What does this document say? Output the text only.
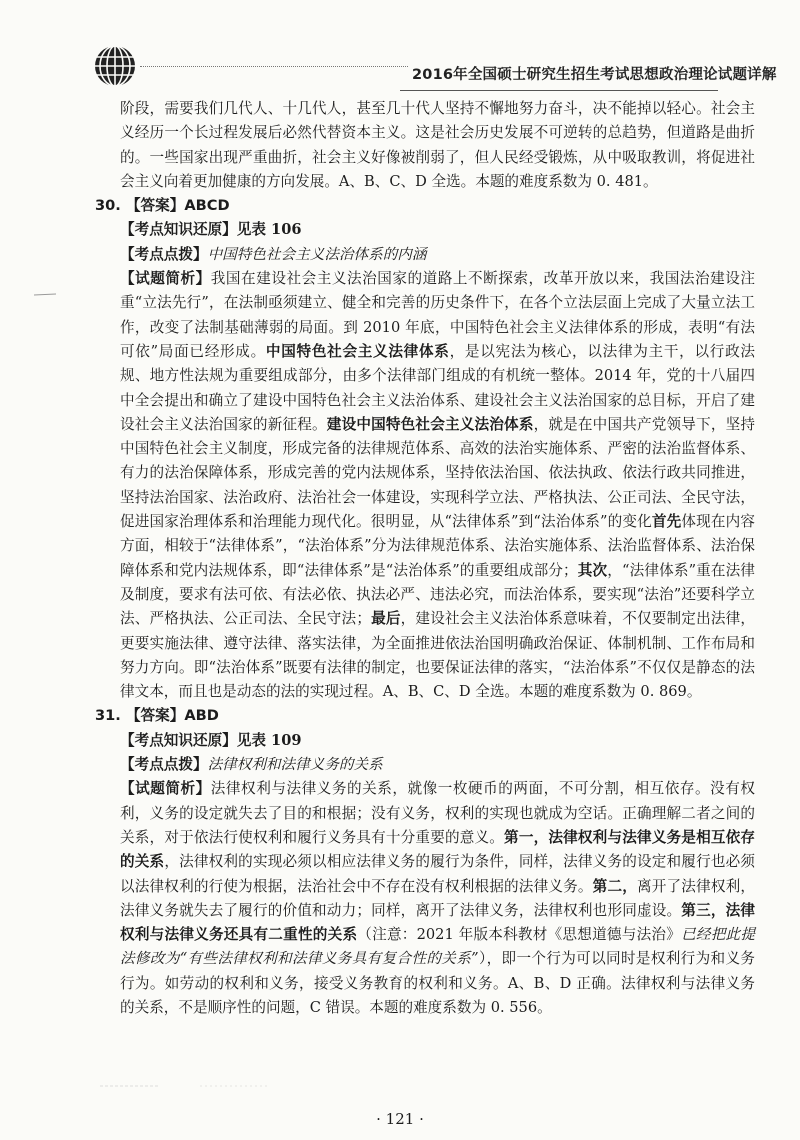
2016年全国硕士研究生招生考试思想政治理论试题详解

阶段，需要我们几代人、十几代人，甚至几十代人坚持不懈地努力奋斗，决不能掉以轻心。社会主义经历一个长过程发展后必然代替资本主义。这是社会历史发展不可逆转的总趋势，但道路是曲折的。一些国家出现严重曲折，社会主义好像被削弱了，但人民经受锻炼，从中吸取教训，将促进社会主义向着更加健康的方向发展。A、B、C、D 全选。本题的难度系数为 0. 481。

30. 【答案】ABCD

【考点知识还原】见表 106

【考点点拨】中国特色社会主义法治体系的内涵

【试题简析】我国在建设社会主义法治国家的道路上不断探索，改革开放以来，我国法治建设注重“立法先行”，在法制亟须建立、健全和完善的历史条件下，在各个立法层面上完成了大量立法工作，改变了法制基础薄弱的局面。到 2010 年底，中国特色社会主义法律体系的形成，表明“有法可依”局面已经形成。中国特色社会主义法律体系，是以宪法为核心，以法律为主干，以行政法规、地方性法规为重要组成部分，由多个法律部门组成的有机统一整体。2014 年，党的十八届四中全会提出和确立了建设中国特色社会主义法治体系、建设社会主义法治国家的总目标，开启了建设社会主义法治国家的新征程。建设中国特色社会主义法治体系，就是在中国共产党领导下，坚持中国特色社会主义制度，形成完备的法律规范体系、高效的法治实施体系、严密的法治监督体系、有力的法治保障体系，形成完善的党内法规体系，坚持依法治国、依法执政、依法行政共同推进，坚持法治国家、法治政府、法治社会一体建设，实现科学立法、严格执法、公正司法、全民守法，促进国家治理体系和治理能力现代化。很明显，从“法律体系”到“法治体系”的变化首先体现在内容方面，相较于“法律体系”，“法治体系”分为法律规范体系、法治实施体系、法治监督体系、法治保障体系和党内法规体系，即“法律体系”是“法治体系”的重要组成部分；其次，“法律体系”重在法律及制度，要求有法可依、有法必依、执法必严、违法必究，而法治体系，要实现“法治”还要科学立法、严格执法、公正司法、全民守法；最后，建设社会主义法治体系意味着，不仅要制定出法律，更要实施法律、遵守法律、落实法律，为全面推进依法治国明确政治保证、体制机制、工作布局和努力方向。即“法治体系”既要有法律的制定，也要保证法律的落实，“法治体系”不仅仅是静态的法律文本，而且也是动态的法的实现过程。A、B、C、D 全选。本题的难度系数为 0. 869。

31. 【答案】ABD

【考点知识还原】见表 109

【考点点拨】法律权利和法律义务的关系

【试题简析】法律权利与法律义务的关系，就像一枚硬币的两面，不可分割，相互依存。没有权利，义务的设定就失去了目的和根据；没有义务，权利的实现也就成为空话。正确理解二者之间的关系，对于依法行使权利和履行义务具有十分重要的意义。第一，法律权利与法律义务是相互依存的关系，法律权利的实现必须以相应法律义务的履行为条件，同样，法律义务的设定和履行也必须以法律权利的行使为根据，法治社会中不存在没有权利根据的法律义务。第二，离开了法律权利，法律义务就失去了履行的价值和动力；同样，离开了法律义务，法律权利也形同虚设。第三，法律权利与法律义务还具有二重性的关系（注意：2021 年版本科教材《思想道德与法治》已经把此提法修改为“有些法律权利和法律义务具有复合性的关系”），即一个行为可以同时是权利行为和义务行为。如劳动的权利和义务，接受义务教育的权利和义务。A、B、D 正确。法律权利与法律义务的关系，不是顺序性的问题，C 错误。本题的难度系数为 0. 556。

· 121 ·
